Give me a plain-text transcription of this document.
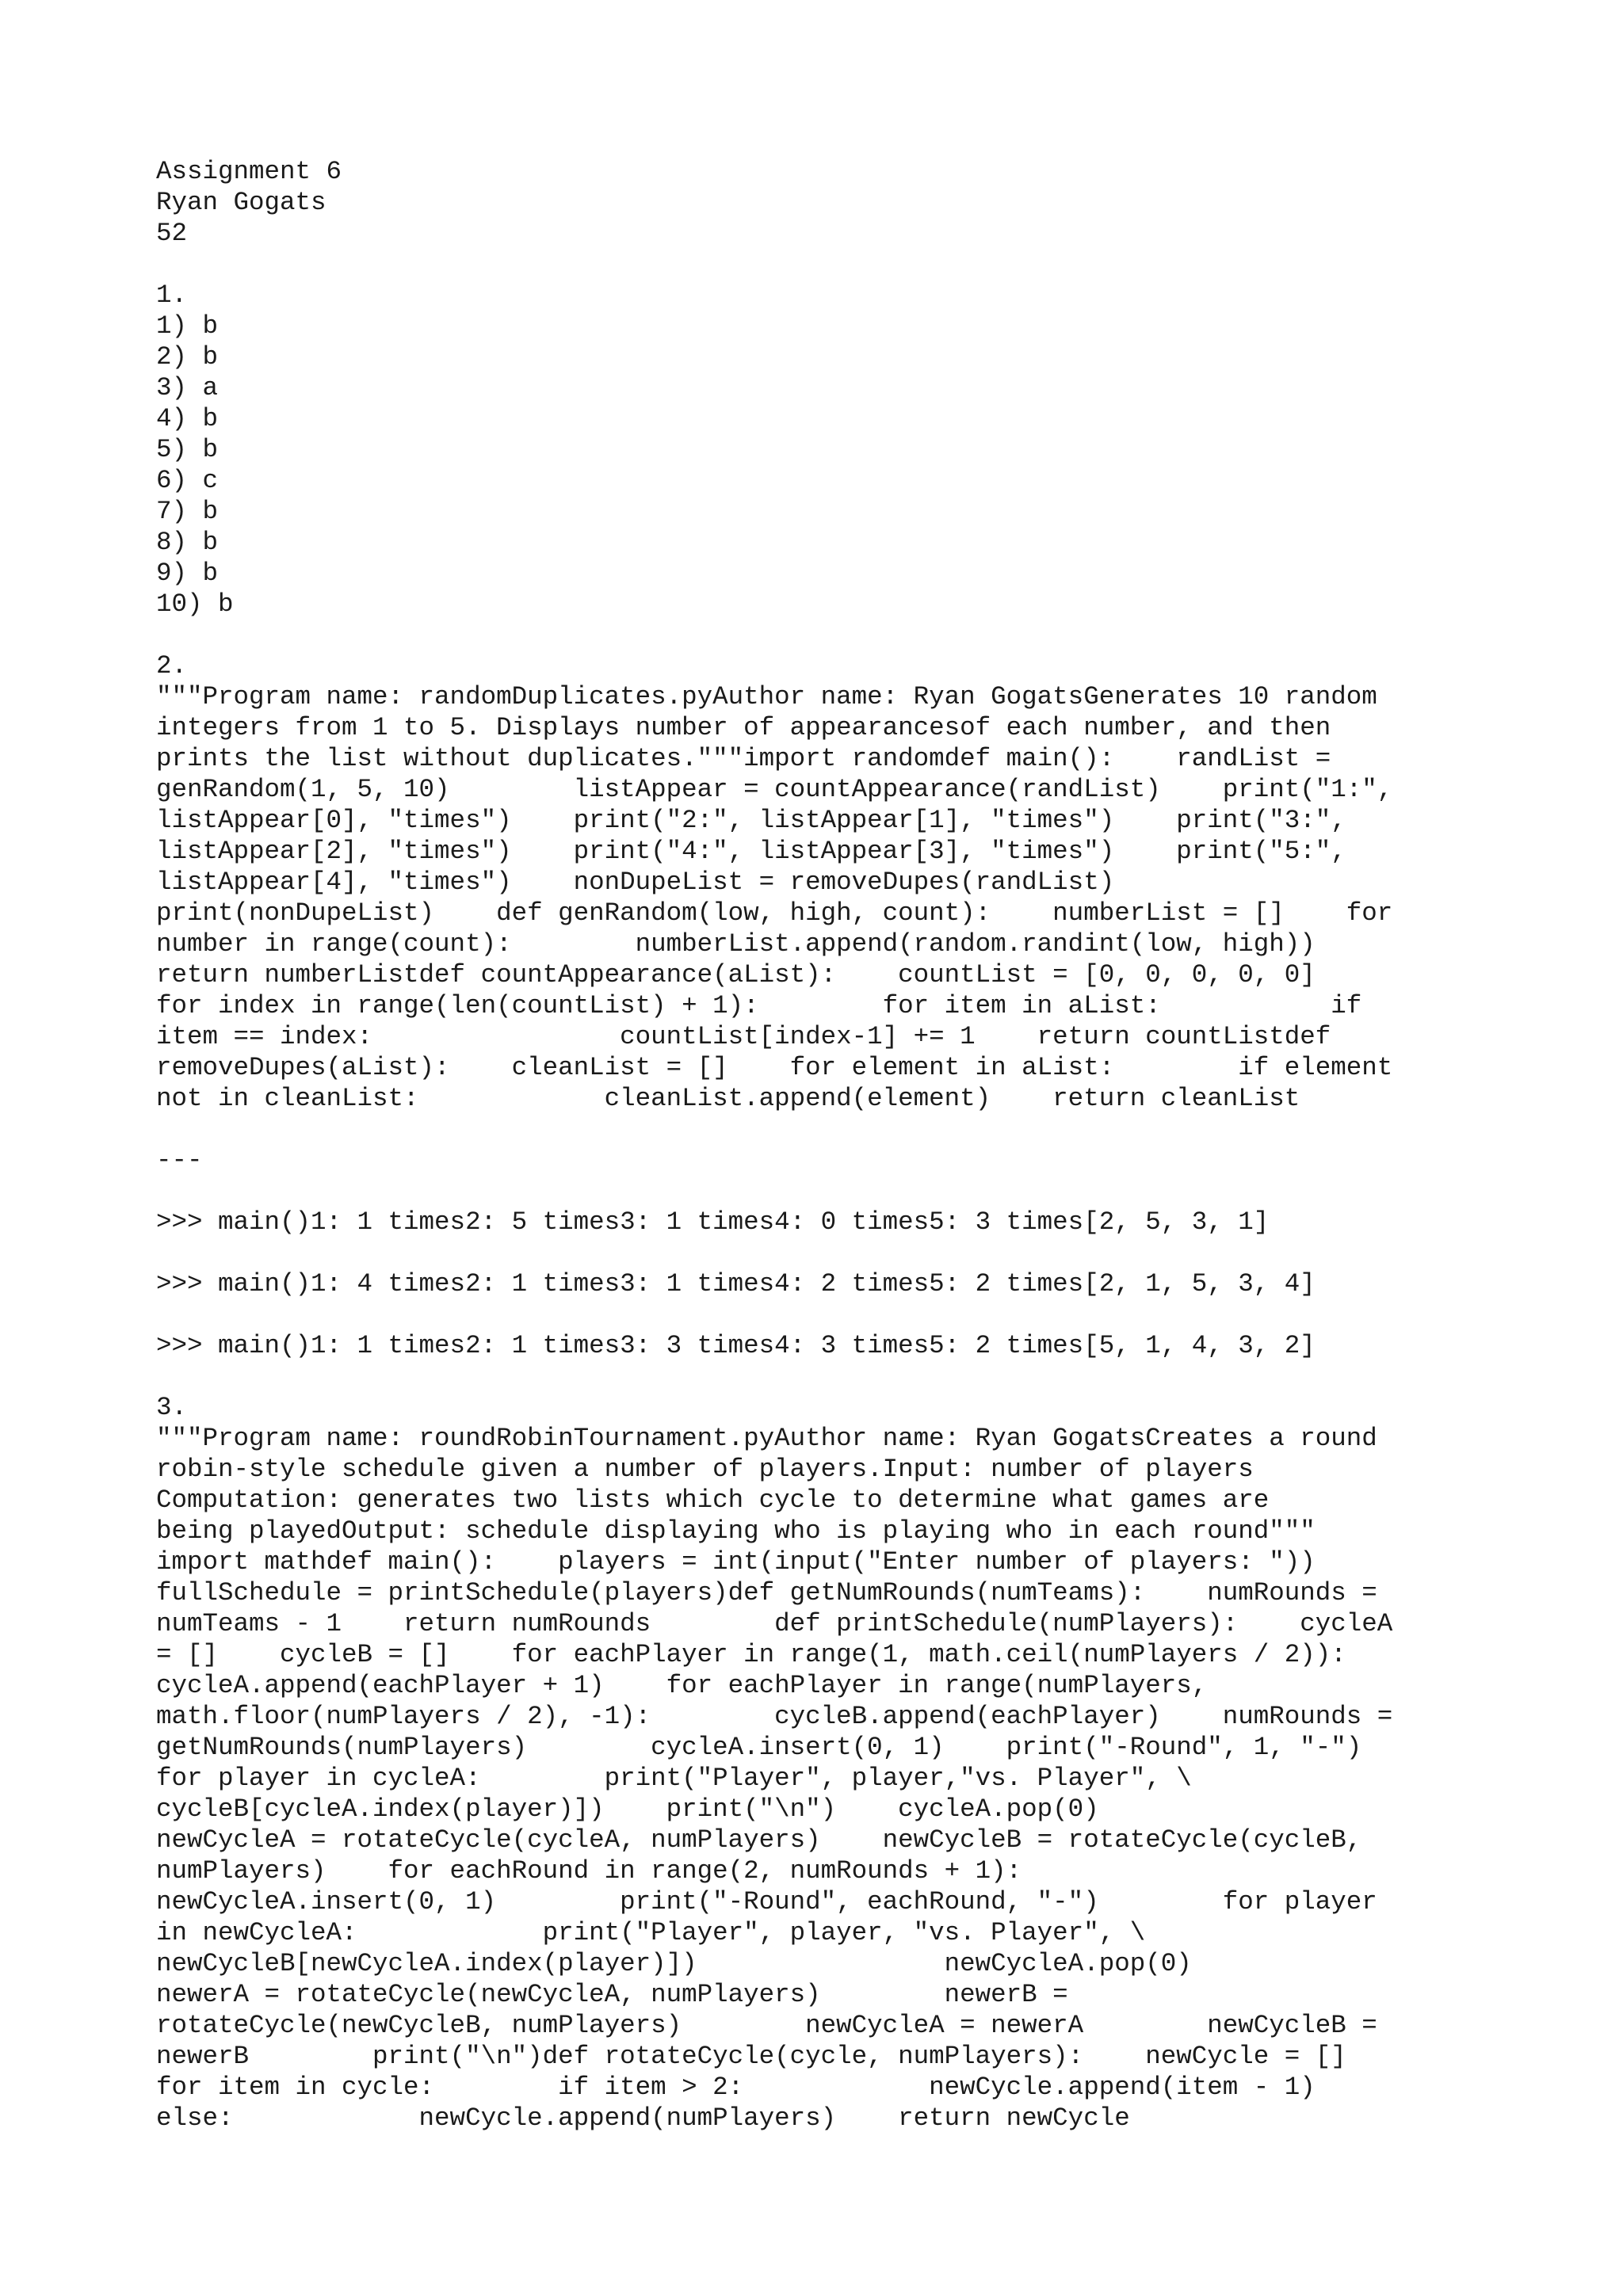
Assignment 6
Ryan Gogats
52
1.
1) b
2) b
3) a
4) b
5) b
6) c
7) b
8) b
9) b
10) b
2.
"""Program name: randomDuplicates.pyAuthor name: Ryan GogatsGenerates 10 random
integers from 1 to 5. Displays number of appearancesof each number, and then
prints the list without duplicates."""import randomdef main():    randList =
genRandom(1, 5, 10)        listAppear = countAppearance(randList)    print("1:",
listAppear[0], "times")    print("2:", listAppear[1], "times")    print("3:",
listAppear[2], "times")    print("4:", listAppear[3], "times")    print("5:",
listAppear[4], "times")    nonDupeList = removeDupes(randList)
print(nonDupeList)    def genRandom(low, high, count):    numberList = []    for
number in range(count):        numberList.append(random.randint(low, high))
return numberListdef countAppearance(aList):    countList = [0, 0, 0, 0, 0]
for index in range(len(countList) + 1):        for item in aList:           if
item == index:                countList[index-1] += 1    return countListdef
removeDupes(aList):    cleanList = []    for element in aList:        if element
not in cleanList:            cleanList.append(element)    return cleanList
---
>>> main()1: 1 times2: 5 times3: 1 times4: 0 times5: 3 times[2, 5, 3, 1]
>>> main()1: 4 times2: 1 times3: 1 times4: 2 times5: 2 times[2, 1, 5, 3, 4]
>>> main()1: 1 times2: 1 times3: 3 times4: 3 times5: 2 times[5, 1, 4, 3, 2]
3.
"""Program name: roundRobinTournament.pyAuthor name: Ryan GogatsCreates a round
robin-style schedule given a number of players.Input: number of players
Computation: generates two lists which cycle to determine what games are
being playedOutput: schedule displaying who is playing who in each round"""
import mathdef main():    players = int(input("Enter number of players: "))
fullSchedule = printSchedule(players)def getNumRounds(numTeams):    numRounds =
numTeams - 1    return numRounds        def printSchedule(numPlayers):    cycleA
= []    cycleB = []    for eachPlayer in range(1, math.ceil(numPlayers / 2)):
cycleA.append(eachPlayer + 1)    for eachPlayer in range(numPlayers,
math.floor(numPlayers / 2), -1):        cycleB.append(eachPlayer)    numRounds =
getNumRounds(numPlayers)        cycleA.insert(0, 1)    print("-Round", 1, "-")
for player in cycleA:        print("Player", player,"vs. Player", \
cycleB[cycleA.index(player)])    print("\n")    cycleA.pop(0)
newCycleA = rotateCycle(cycleA, numPlayers)    newCycleB = rotateCycle(cycleB,
numPlayers)    for eachRound in range(2, numRounds + 1):
newCycleA.insert(0, 1)        print("-Round", eachRound, "-")        for player
in newCycleA:            print("Player", player, "vs. Player", \
newCycleB[newCycleA.index(player)])                newCycleA.pop(0)
newerA = rotateCycle(newCycleA, numPlayers)        newerB =
rotateCycle(newCycleB, numPlayers)        newCycleA = newerA        newCycleB =
newerB        print("\n")def rotateCycle(cycle, numPlayers):    newCycle = []
for item in cycle:        if item > 2:            newCycle.append(item - 1)
else:            newCycle.append(numPlayers)    return newCycle
